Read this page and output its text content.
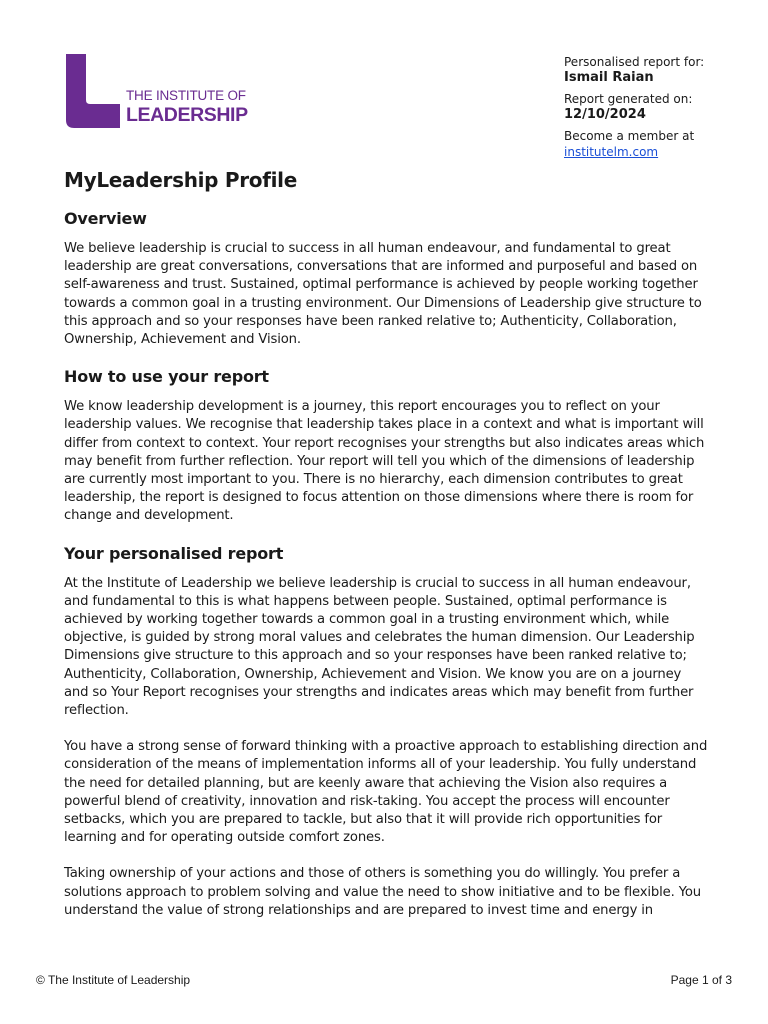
THE INSTITUTE OF
LEADERSHIP
Personalised report for:
Ismail Raian
Report generated on:
12/10/2024
Become a member at
institutelm.com
MyLeadership Profile
Overview

We believe leadership is crucial to success in all human endeavour, and fundamental to great leadership are great conversations, conversations that are informed and purposeful and based on self-awareness and trust. Sustained, optimal performance is achieved by people working together towards a common goal in a trusting environment. Our Dimensions of Leadership give structure to this approach and so your responses have been ranked relative to; Authenticity, Collaboration, Ownership, Achievement and Vision.

How to use your report

We know leadership development is a journey, this report encourages you to reflect on your leadership values. We recognise that leadership takes place in a context and what is important will differ from context to context. Your report recognises your strengths but also indicates areas which may benefit from further reflection. Your report will tell you which of the dimensions of leadership are currently most important to you. There is no hierarchy, each dimension contributes to great leadership, the report is designed to focus attention on those dimensions where there is room for change and development.

Your personalised report

At the Institute of Leadership we believe leadership is crucial to success in all human endeavour, and fundamental to this is what happens between people. Sustained, optimal performance is achieved by working together towards a common goal in a trusting environment which, while objective, is guided by strong moral values and celebrates the human dimension. Our Leadership Dimensions give structure to this approach and so your responses have been ranked relative to; Authenticity, Collaboration, Ownership, Achievement and Vision. We know you are on a journey and so Your Report recognises your strengths and indicates areas which may benefit from further reflection.

You have a strong sense of forward thinking with a proactive approach to establishing direction and consideration of the means of implementation informs all of your leadership. You fully understand the need for detailed planning, but are keenly aware that achieving the Vision also requires a powerful blend of creativity, innovation and risk-taking. You accept the process will encounter setbacks, which you are prepared to tackle, but also that it will provide rich opportunities for learning and for operating outside comfort zones.

Taking ownership of your actions and those of others is something you do willingly. You prefer a solutions approach to problem solving and value the need to show initiative and to be flexible. You understand the value of strong relationships and are prepared to invest time and energy in

© The Institute of Leadership	Page 1 of 3
